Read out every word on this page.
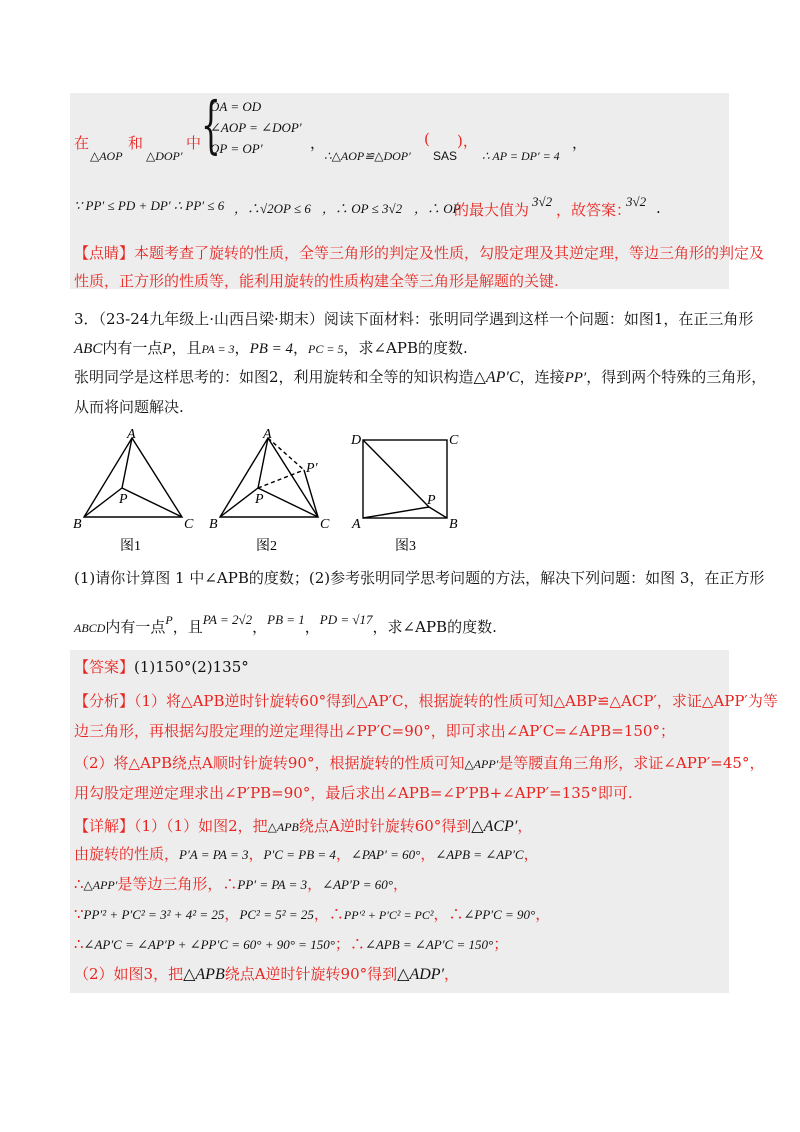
在
△AOP
和
△DOP′
中 {
OA = OD
∠AOP = ∠DOP′
OP = OP′	，
∴△AOP≌△DOP′
( )，
SAS ∴ AP = DP′ = 4
，
∵ PP′ ≤ PD + DP′ ∴ PP′ ≤ 6 ，∴√2OP ≤ 6 ，∴ OP ≤ 3√2 ，∴ OP
的最大值为 3√2 ，故答案：
3√2 .
【点睛】本题考查了旋转的性质，全等三角形的判定及性质，勾股定理及其逆定理，等边三角形的判定及
性质，正方形的性质等，能利用旋转的性质构建全等三角形是解题的关键.
3．（23-24九年级上·山西吕梁·期末）阅读下面材料：张明同学遇到这样一个问题：如图1，在正三角形
ABC内有一点P，且PA = 3，PB = 4，PC = 5，求∠APB的度数.
张明同学是这样思考的：如图2，利用旋转和全等的知识构造△AP′C，连接PP′，得到两个特殊的三角形，
从而将问题解决.
A
B	C
P
图1
A
B	C
P
P′
图2
D	C
A	B
P
图3
(1)请你计算图 1 中∠APB的度数；(2)参考张明同学思考问题的方法，解决下列问题：如图 3，在正方形
ABCD内有一点$^P$，且PA = 2√2，PB = 1，PD = √17，求∠APB的度数.
【答案】(1)150°(2)135°
【分析】（1）将△APB逆时针旋转60°得到△AP′C，根据旋转的性质可知△ABP≌△ACP′，求证△APP′为等
边三角形，再根据勾股定理的逆定理得出∠PP′C=90°，即可求出∠AP′C=∠APB=150°；
（2）将△APB绕点A顺时针旋转90°，根据旋转的性质可知△APP′是等腰直角三角形，求证∠APP′=45°，
用勾股定理逆定理求出∠P′PB=90°，最后求出∠APB=∠P′PB+∠APP′=135°即可.
【详解】（1）（1）如图2，把△APB绕点A逆时针旋转60°得到△ACP′，
由旋转的性质，P′A = PA = 3，P′C = PB = 4，∠PAP′ = 60°，∠APB = ∠AP′C，
∴△APP′是等边三角形，∴PP′ = PA = 3，∠AP′P = 60°，
∵PP′² + P′C² = 3² + 4² = 25，PC² = 5² = 25，∴PP′² + P′C² = PC²，∴∠PP′C = 90°，
∴∠AP′C = ∠AP′P + ∠PP′C = 60° + 90° = 150°；∴∠APB = ∠AP′C = 150°；
（2）如图3，把△APB绕点A逆时针旋转90°得到△ADP′，
